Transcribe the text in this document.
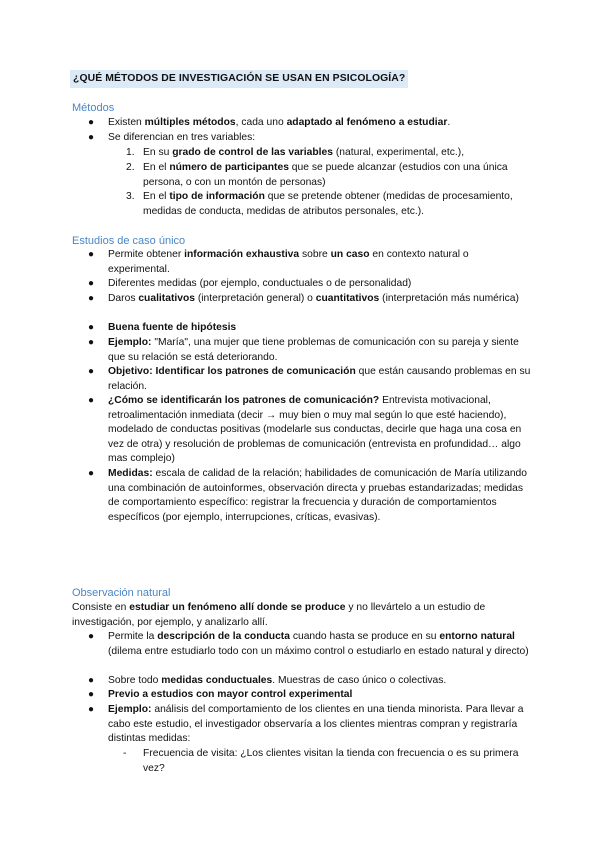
¿QUÉ MÉTODOS DE INVESTIGACIÓN SE USAN EN PSICOLOGÍA?
Métodos
● Existen múltiples métodos, cada uno adaptado al fenómeno a estudiar.
● Se diferencian en tres variables:
1. En su grado de control de las variables (natural, experimental, etc.),
2. En el número de participantes que se puede alcanzar (estudios con una única persona, o con un montón de personas)
3. En el tipo de información que se pretende obtener (medidas de procesamiento, medidas de conducta, medidas de atributos personales, etc.).
Estudios de caso único
● Permite obtener información exhaustiva sobre un caso en contexto natural o experimental.
● Diferentes medidas (por ejemplo, conductuales o de personalidad)
● Daros cualitativos (interpretación general) o cuantitativos (interpretación más numérica)
● Buena fuente de hipótesis
● Ejemplo: "María", una mujer que tiene problemas de comunicación con su pareja y siente que su relación se está deteriorando.
● Objetivo: Identificar los patrones de comunicación que están causando problemas en su relación.
● ¿Cómo se identificarán los patrones de comunicación? Entrevista motivacional, retroalimentación inmediata (decir → muy bien o muy mal según lo que esté haciendo), modelado de conductas positivas (modelarle sus conductas, decirle que haga una cosa en vez de otra) y resolución de problemas de comunicación (entrevista en profundidad… algo mas complejo)
● Medidas: escala de calidad de la relación; habilidades de comunicación de María utilizando una combinación de autoinformes, observación directa y pruebas estandarizadas; medidas de comportamiento específico: registrar la frecuencia y duración de comportamientos específicos (por ejemplo, interrupciones, críticas, evasivas).
Observación natural
Consiste en estudiar un fenómeno allí donde se produce y no llevártelo a un estudio de investigación, por ejemplo, y analizarlo allí.
● Permite la descripción de la conducta cuando hasta se produce en su entorno natural (dilema entre estudiarlo todo con un máximo control o estudiarlo en estado natural y directo)
● Sobre todo medidas conductuales. Muestras de caso único o colectivas.
● Previo a estudios con mayor control experimental
● Ejemplo: análisis del comportamiento de los clientes en una tienda minorista. Para llevar a cabo este estudio, el investigador observaría a los clientes mientras compran y registraría distintas medidas:
- Frecuencia de visita: ¿Los clientes visitan la tienda con frecuencia o es su primera vez?
